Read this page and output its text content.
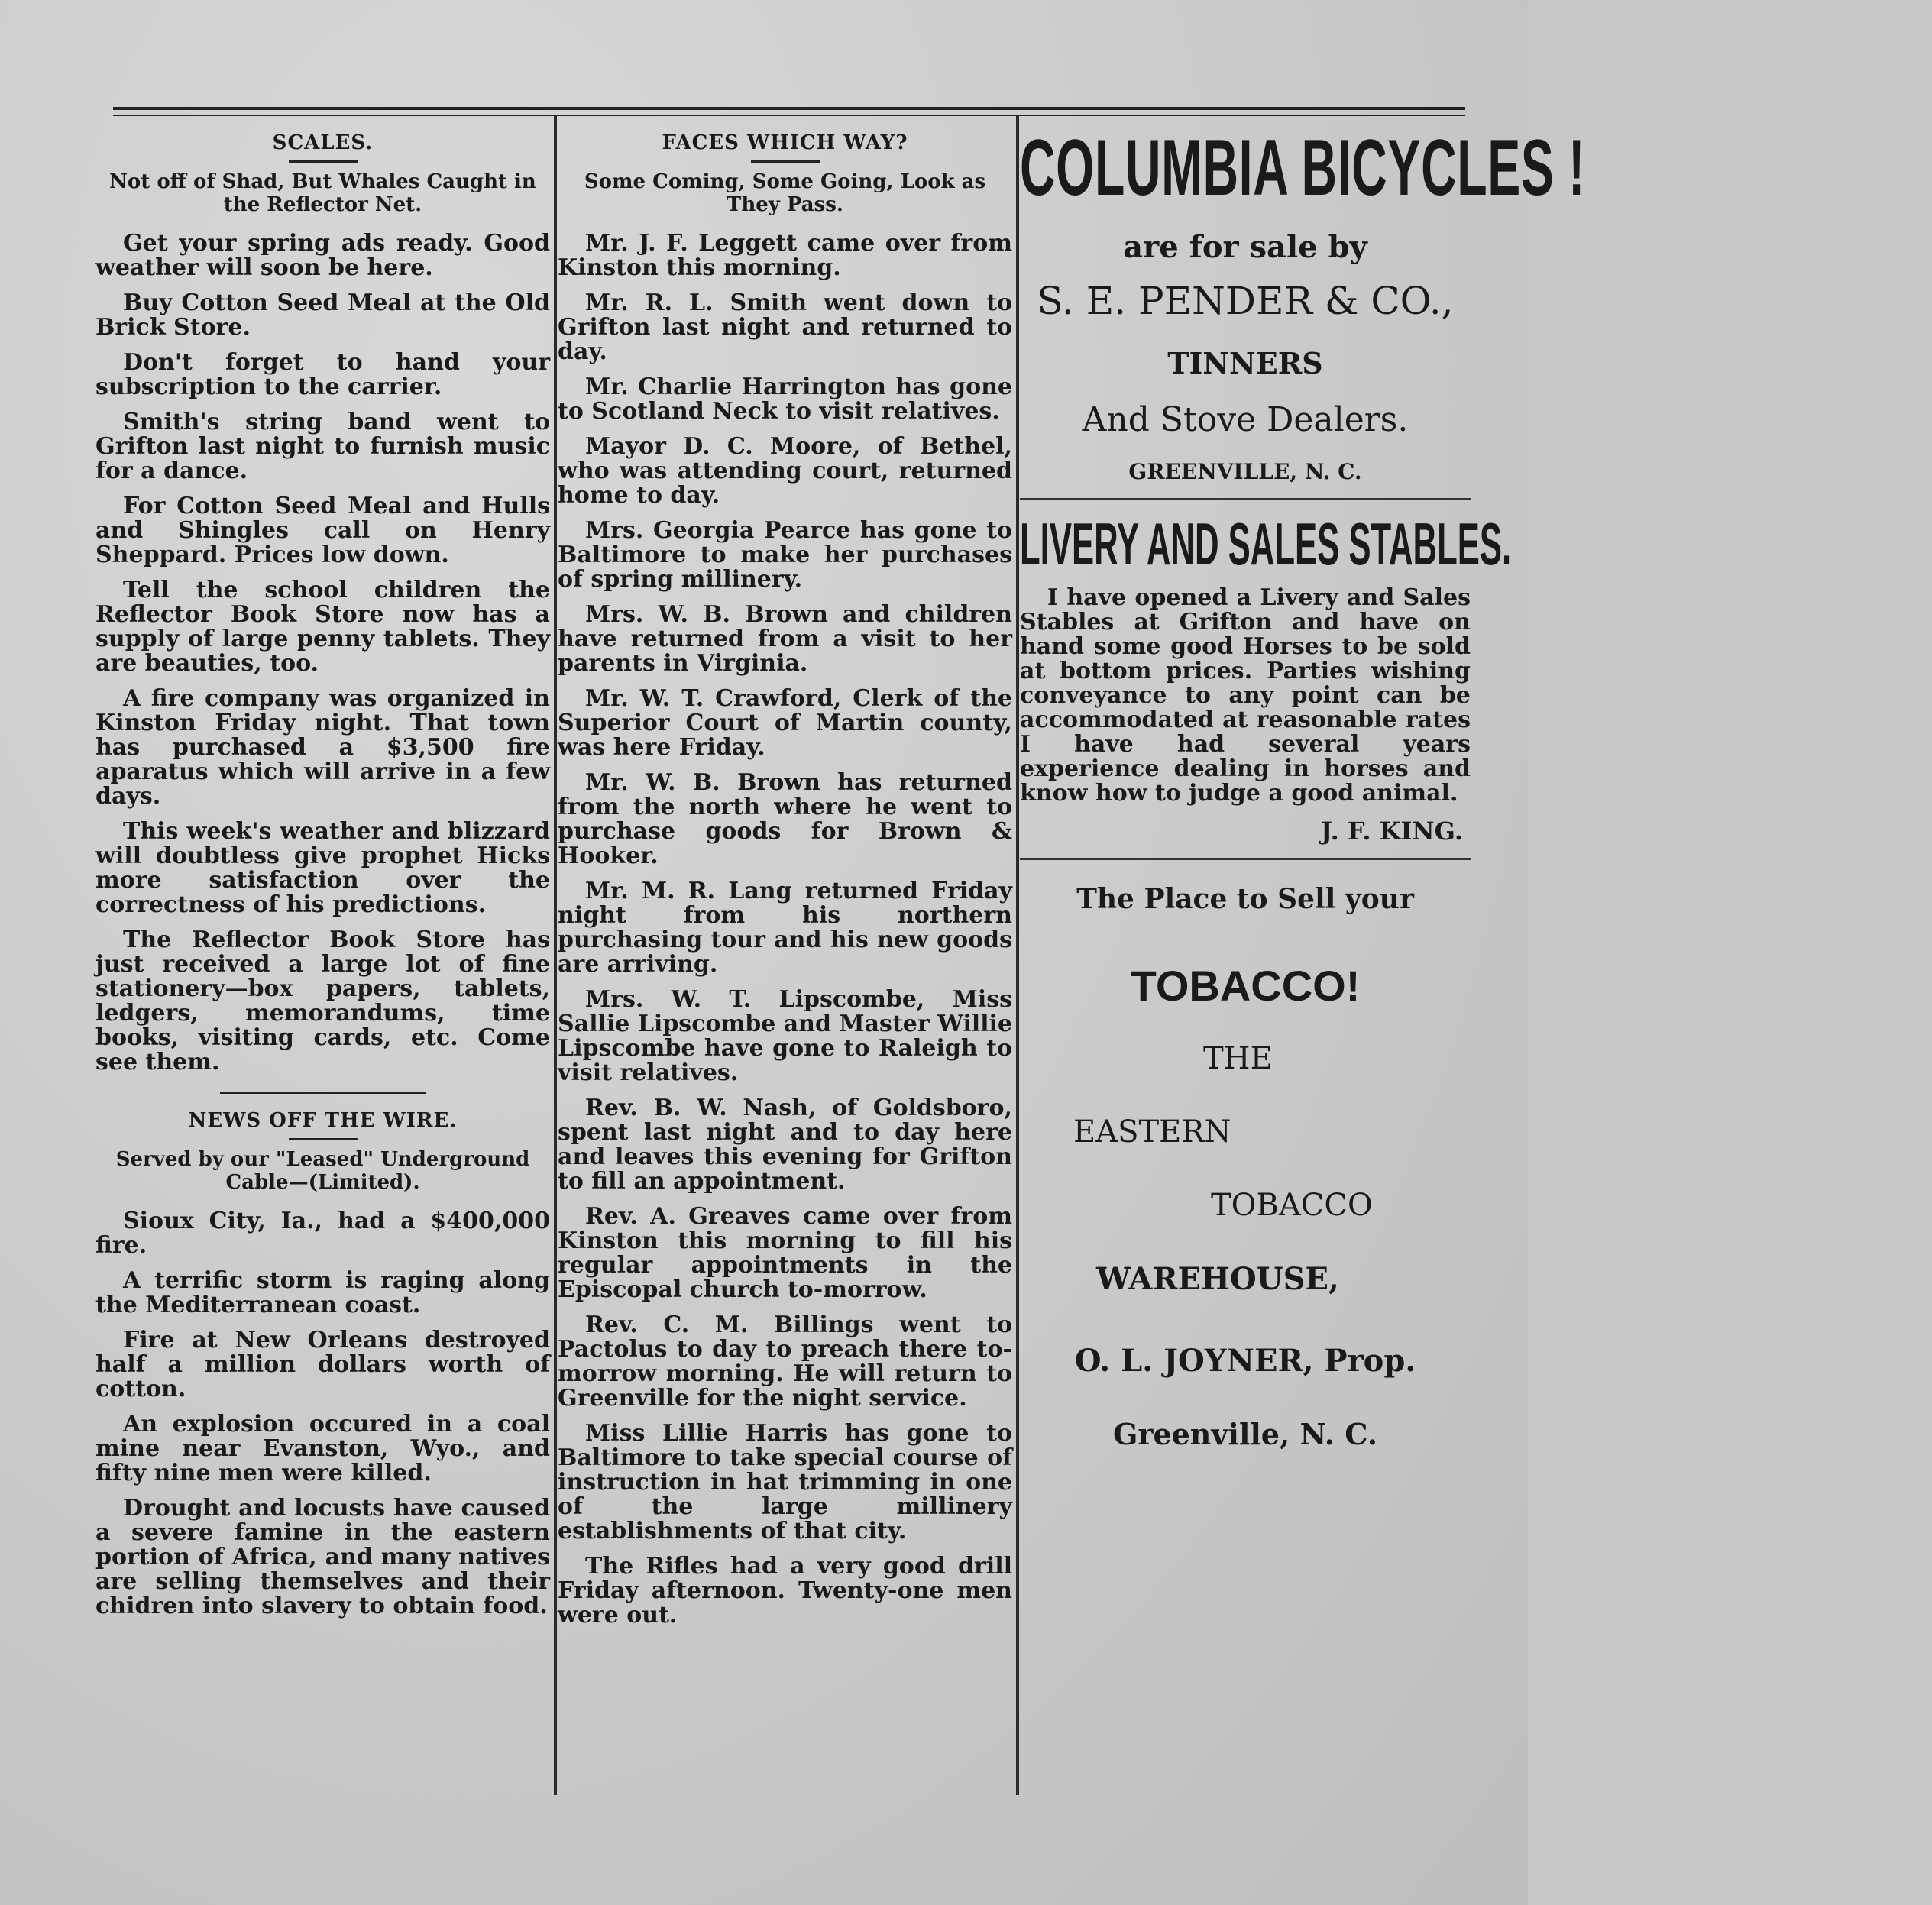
SCALES.
Not off of Shad, But Whales Caught in the Reflector Net.

Get your spring ads ready. Good weather will soon be here.

Buy Cotton Seed Meal at the Old Brick Store.

Don't forget to hand your subscription to the carrier.

Smith's string band went to Grifton last night to furnish music for a dance.

For Cotton Seed Meal and Hulls and Shingles call on Henry Sheppard. Prices low down.

Tell the school children the Reflector Book Store now has a supply of large penny tablets. They are beauties, too.

A fire company was organized in Kinston Friday night. That town has purchased a $3,500 fire aparatus which will arrive in a few days.

This week's weather and blizzard will doubtless give prophet Hicks more satisfaction over the correctness of his predictions.

The Reflector Book Store has just received a large lot of fine stationery—box papers, tablets, ledgers, memorandums, time books, visiting cards, etc. Come see them.

NEWS OFF THE WIRE.
Served by our "Leased" Underground Cable—(Limited).

Sioux City, Ia., had a $400,000 fire.

A terrific storm is raging along the Mediterranean coast.

Fire at New Orleans destroyed half a million dollars worth of cotton.

An explosion occured in a coal mine near Evanston, Wyo., and fifty nine men were killed.

Drought and locusts have caused a severe famine in the eastern portion of Africa, and many natives are selling themselves and their chidren into slavery to obtain food.

FACES WHICH WAY?
Some Coming, Some Going, Look as They Pass.

Mr. J. F. Leggett came over from Kinston this morning.

Mr. R. L. Smith went down to Grifton last night and returned to day.

Mr. Charlie Harrington has gone to Scotland Neck to visit relatives.

Mayor D. C. Moore, of Bethel, who was attending court, returned home to day.

Mrs. Georgia Pearce has gone to Baltimore to make her purchases of spring millinery.

Mrs. W. B. Brown and children have returned from a visit to her parents in Virginia.

Mr. W. T. Crawford, Clerk of the Superior Court of Martin county, was here Friday.

Mr. W. B. Brown has returned from the north where he went to purchase goods for Brown & Hooker.

Mr. M. R. Lang returned Friday night from his northern purchasing tour and his new goods are arriving.

Mrs. W. T. Lipscombe, Miss Sallie Lipscombe and Master Willie Lipscombe have gone to Raleigh to visit relatives.

Rev. B. W. Nash, of Goldsboro, spent last night and to day here and leaves this evening for Grifton to fill an appointment.

Rev. A. Greaves came over from Kinston this morning to fill his regular appointments in the Episcopal church to-morrow.

Rev. C. M. Billings went to Pactolus to day to preach there to-morrow morning. He will return to Greenville for the night service.

Miss Lillie Harris has gone to Baltimore to take special course of instruction in hat trimming in one of the large millinery establishments of that city.

The Rifles had a very good drill Friday afternoon. Twenty-one men were out.

COLUMBIA BICYCLES !
are for sale by
S. E. PENDER & CO.,
TINNERS
And Stove Dealers.
GREENVILLE, N. C.
LIVERY AND SALES STABLES.

I have opened a Livery and Sales Stables at Grifton and have on hand some good Horses to be sold at bottom prices. Parties wishing conveyance to any point can be accommodated at reasonable rates I have had several years experience dealing in horses and know how to judge a good animal.

J. F. KING.
The Place to Sell your
TOBACCO!
THE
EASTERN
TOBACCO
WAREHOUSE,
O. L. JOYNER, Prop.
Greenville, N. C.
